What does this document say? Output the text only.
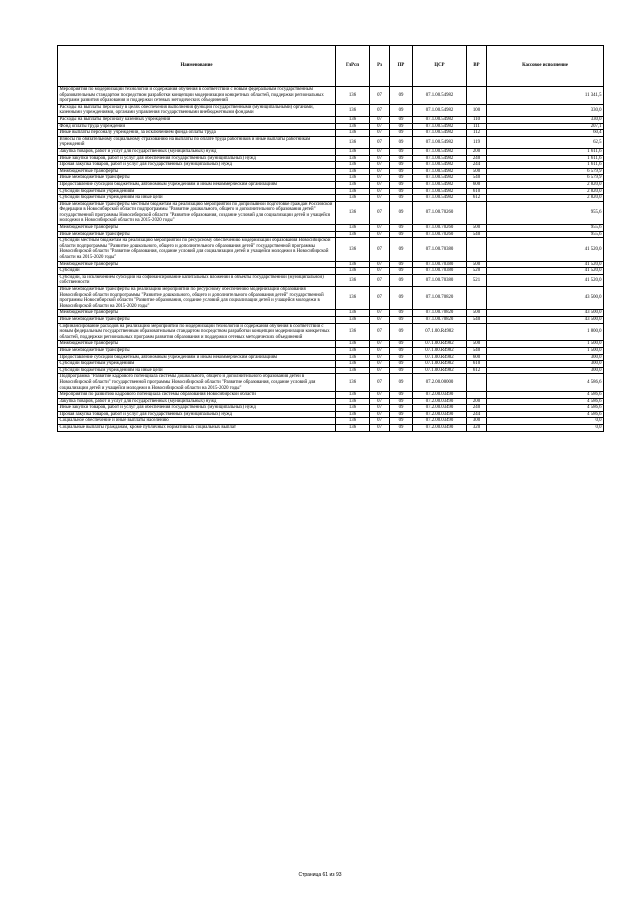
Наименование	ГлРсп	Рз	ПР	ЦСР	ВР	Кассовое исполнение
Мероприятия по модернизации технологий и содержания обучения в соответствии с новым федеральным государственным образовательным стандартом посредством разработки концепции модернизации конкретных областей, поддержки региональных программ развития образования и поддержки сетевых методических объединений	136	07	09	07.1.00.54982		11 341,5
Расходы на выплаты персоналу в целях обеспечения выполнения функций государственными (муниципальными) органами, казенными учреждениями, органами управления государственными внебюджетными фондами	136	07	09	07.1.00.54982	100	330,0
Расходы на выплаты персоналу казенных учреждений	136	07	09	07.1.00.54982	110	330,0
Фонд оплаты труда учреждений	136	07	09	07.1.00.54982	111	207,1
Иные выплаты персоналу учреждений, за исключением фонда оплаты труда	136	07	09	07.1.00.54982	112	60,4
Взносы по обязательному социальному страхованию на выплаты по оплате труда работников и иные выплаты работникам учреждений	136	07	09	07.1.00.54982	119	62,5
Закупка товаров, работ и услуг для государственных (муниципальных) нужд	136	07	09	07.1.00.54982	200	1 611,6
Иные закупки товаров, работ и услуг для обеспечения государственных (муниципальных) нужд	136	07	09	07.1.00.54982	240	1 611,6
Прочая закупка товаров, работ и услуг для государственных (муниципальных) нужд	136	07	09	07.1.00.54982	244	1 611,6
Межбюджетные трансферты	136	07	09	07.1.00.54982	500	6 579,9
Иные межбюджетные трансферты	136	07	09	07.1.00.54982	540	6 579,9
Предоставление субсидий бюджетным, автономным учреждениям и иным некоммерческим организациям	136	07	09	07.1.00.54982	600	2 820,0
Субсидии бюджетным учреждениям	136	07	09	07.1.00.54982	610	2 820,0
Субсидии бюджетным учреждениям на иные цели	136	07	09	07.1.00.54982	612	2 820,0
Иные межбюджетные трансферты местным бюджетам на реализацию мероприятий по допризывной подготовке граждан Российской Федерации в Новосибирской области подпрограммы "Развитие дошкольного, общего и дополнительного образования детей" государственной программы Новосибирской области "Развитие образования, создание условий для социализации детей и учащейся молодежи в Новосибирской области на 2015-2020 годы"	136	07	09	07.1.00.70260		955,6
Межбюджетные трансферты	136	07	09	07.1.00.70260	500	955,6
Иные межбюджетные трансферты	136	07	09	07.1.00.70260	540	955,6
Субсидии местным бюджетам на реализацию мероприятий по ресурсному обеспечению модернизации образования Новосибирской области подпрограммы "Развитие дошкольного, общего и дополнительного образования детей" государственной программы Новосибирской области "Развитие образования, создание условий для социализации детей и учащейся молодежи в Новосибирской области на 2015-2020 годы"	136	07	09	07.1.00.70380		41 520,0
Межбюджетные трансферты	136	07	09	07.1.00.70380	500	41 520,0
Субсидии	136	07	09	07.1.00.70380	520	41 520,0
Субсидии, за исключением субсидий на софинансирование капитальных вложений в объекты государственной (муниципальной) собственности	136	07	09	07.1.00.70380	521	41 520,0
Иные межбюджетные трансферты на реализацию мероприятий по ресурсному обеспечению модернизации образования Новосибирской области подпрограммы "Развитие дошкольного, общего и дополнительного образования детей" государственной программы Новосибирской области "Развитие образования, создание условий для социализации детей и учащейся молодежи в Новосибирской области на 2015-2020 годы"	136	07	09	07.1.00.70820		43 500,0
Межбюджетные трансферты	136	07	09	07.1.00.70820	500	43 500,0
Иные межбюджетные трансферты	136	07	09	07.1.00.70820	540	43 500,0
Софинансирование расходов на реализацию мероприятий по модернизации технологий и содержания обучения в соответствии с новым федеральным государственным образовательным стандартом посредством разработки концепции модернизации конкретных областей, поддержки региональных программ развития образования и поддержки сетевых методических объединений	136	07	09	07.1.00.R4982		1 800,0
Межбюджетные трансферты	136	07	09	07.1.00.R4982	500	1 500,0
Иные межбюджетные трансферты	136	07	09	07.1.00.R4982	540	1 500,0
Предоставление субсидий бюджетным, автономным учреждениям и иным некоммерческим организациям	136	07	09	07.1.00.R4982	600	300,0
Субсидии бюджетным учреждениям	136	07	09	07.1.00.R4982	610	300,0
Субсидии бюджетным учреждениям на иные цели	136	07	09	07.1.00.R4982	612	300,0
Подпрограмма "Развитие кадрового потенциала системы дошкольного, общего и дополнительного образования детей в Новосибирской области" государственной программы Новосибирской области "Развитие образования, создание условий для социализации детей и учащейся молодежи в Новосибирской области на 2015-2020 годы"	136	07	09	07.2.00.00000		4 586,6
Мероприятия по развитию кадрового потенциала системы образования Новосибирской области	136	07	09	07.2.00.03490		4 586,6
Закупка товаров, работ и услуг для государственных (муниципальных) нужд	136	07	09	07.2.00.03490	200	4 586,6
Иные закупки товаров, работ и услуг для обеспечения государственных (муниципальных) нужд	136	07	09	07.2.00.03490	240	4 586,6
Прочая закупка товаров, работ и услуг для государственных (муниципальных) нужд	136	07	09	07.2.00.03490	244	4 586,6
Социальное обеспечение и иные выплаты населению	136	07	09	07.2.00.03490	300	0,0
Социальные выплаты гражданам, кроме публичных нормативных социальных выплат	136	07	09	07.2.00.03490	320	0,0
Страница 61 из 93
